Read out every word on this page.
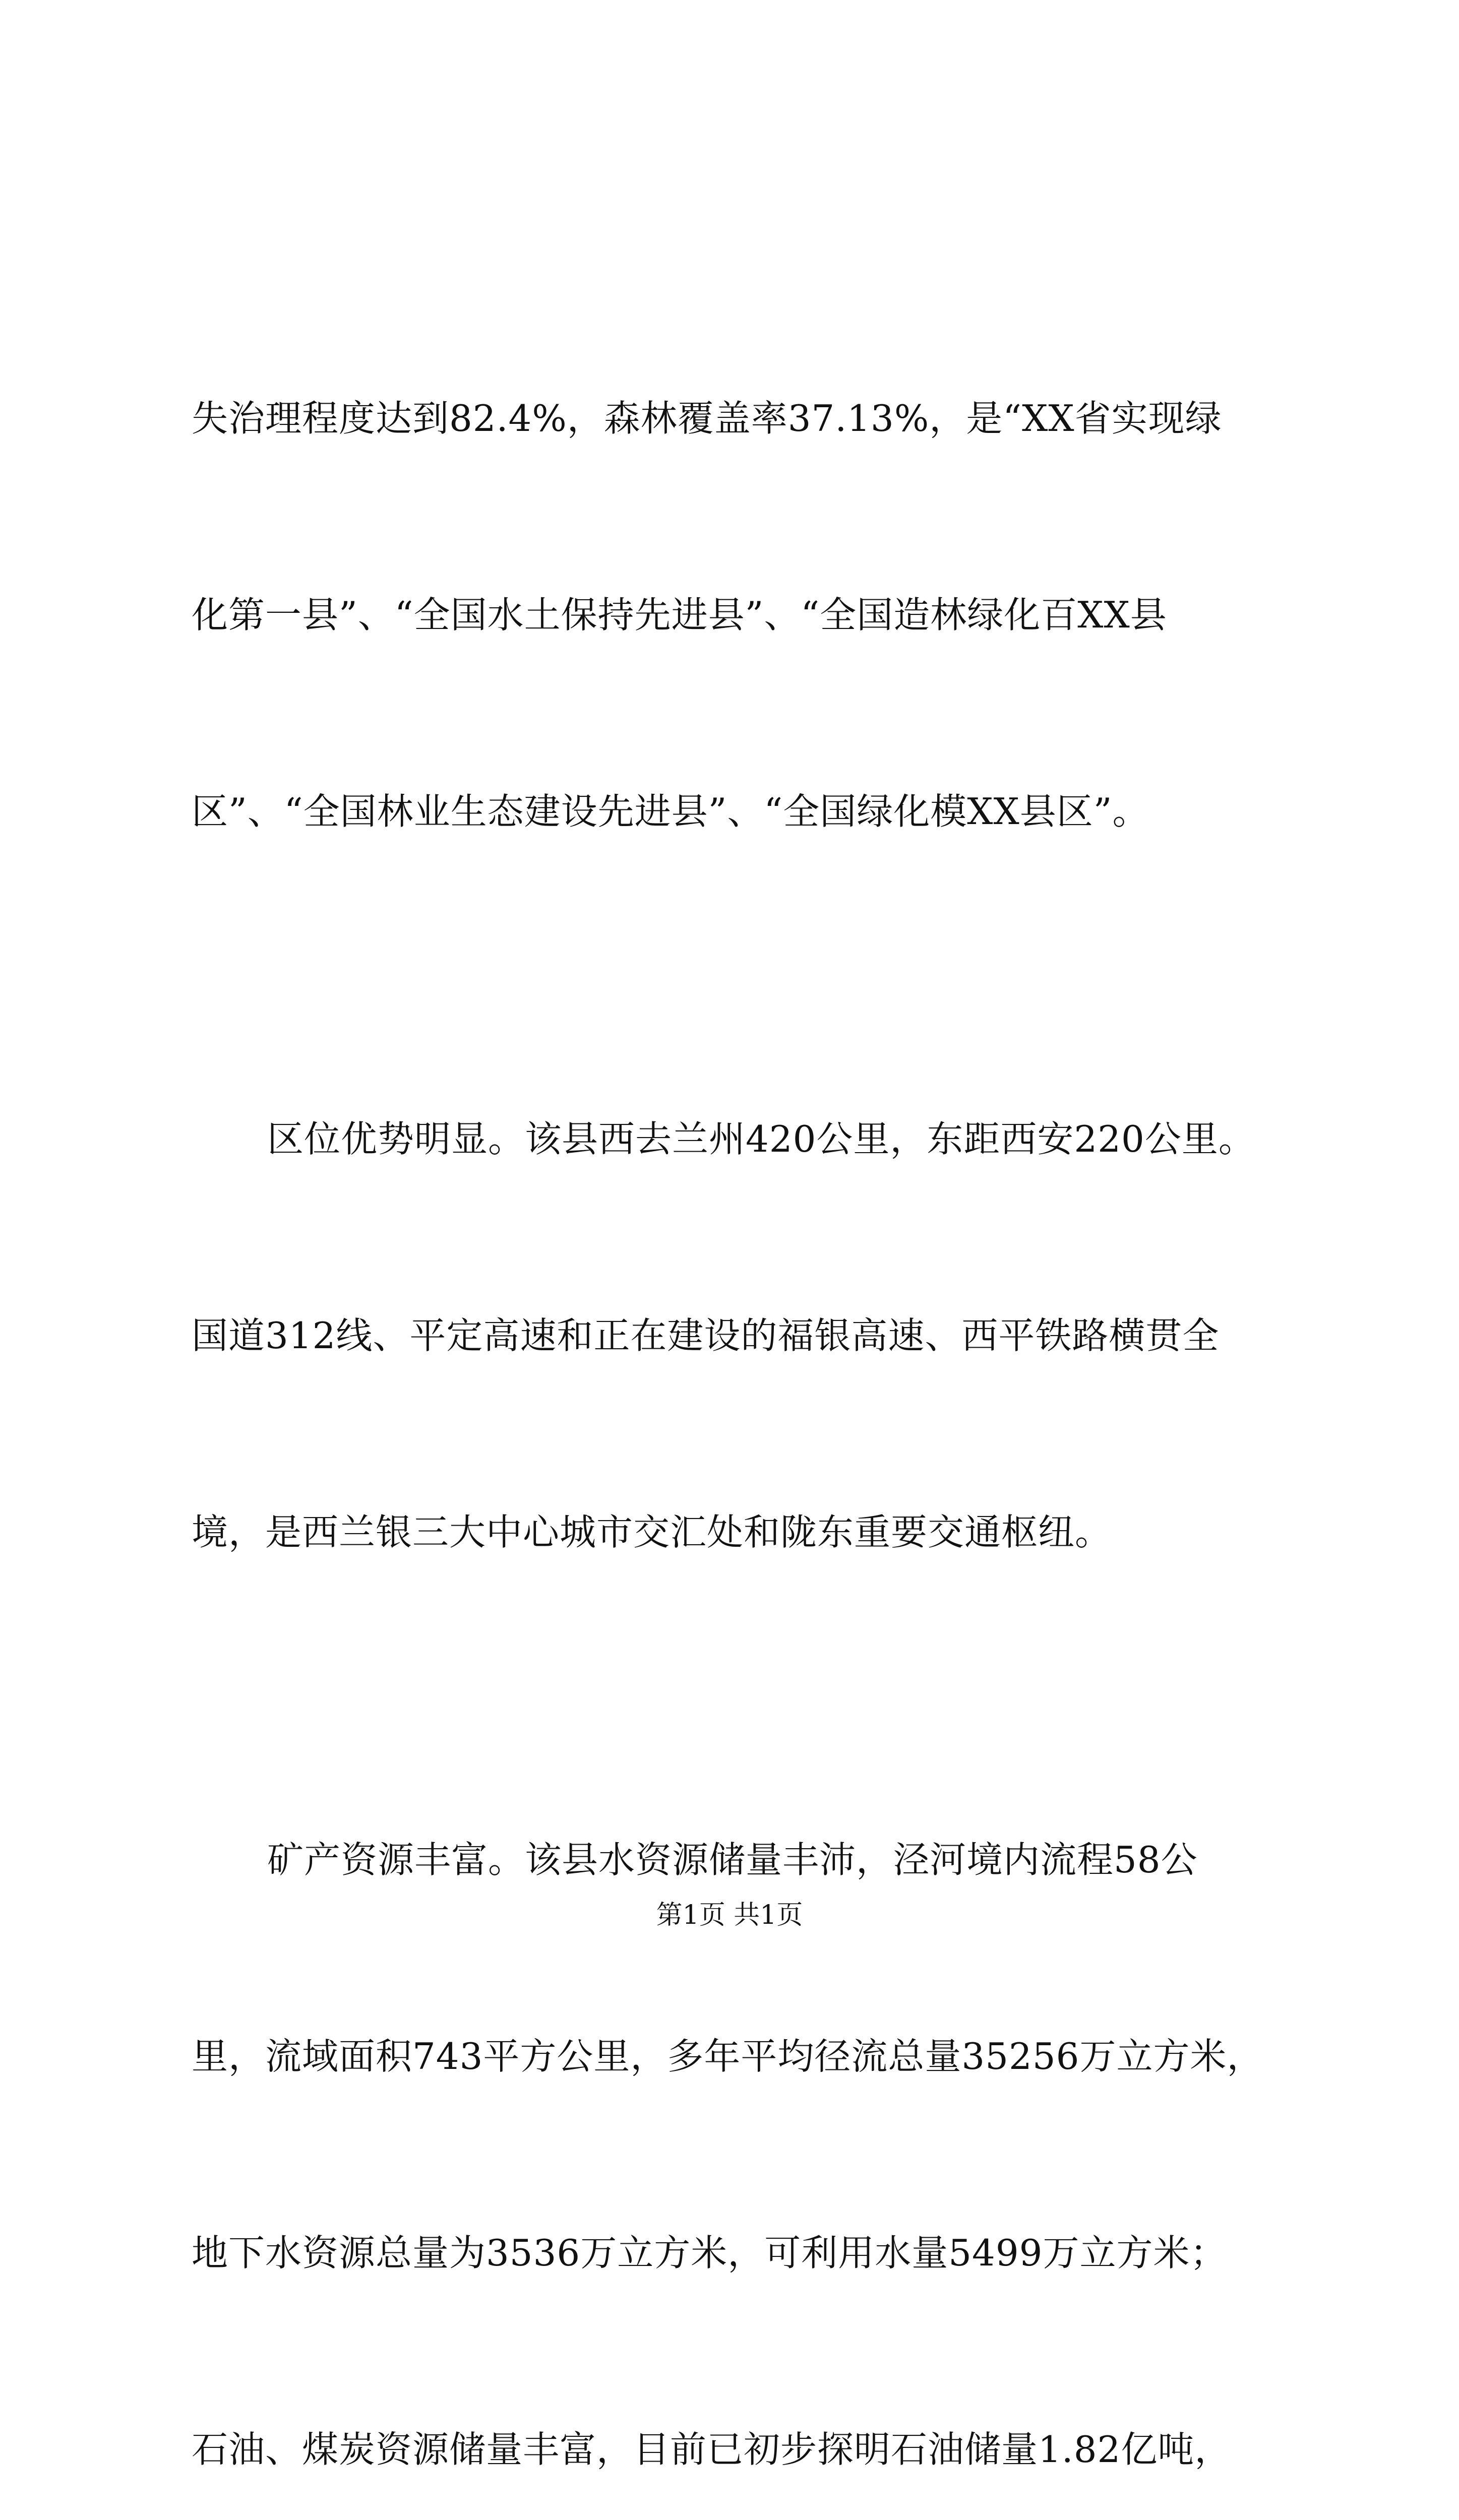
失治理程度达到82.4%，森林覆盖率37.13%，是“XX省实现绿

化第一县”、“全国水土保持先进县”、“全国造林绿化百XX县

区”、“全国林业生态建设先进县”、“全国绿化模XX县区”。

区位优势明显。该县西去兰州420公里，东距西安220公里。

国道312线、平定高速和正在建设的福银高速、西平铁路横贯全

境，是西兰银三大中心城市交汇处和陇东重要交通枢纽。

矿产资源丰富。该县水资源储量丰沛，泾河境内流程58公

里，流域面积743平方公里，多年平均径流总量35256万立方米，

地下水资源总量为3536万立方米，可利用水量5499万立方米；

石油、煤炭资源储量丰富，目前已初步探明石油储量1.82亿吨，

第1页 共1页
